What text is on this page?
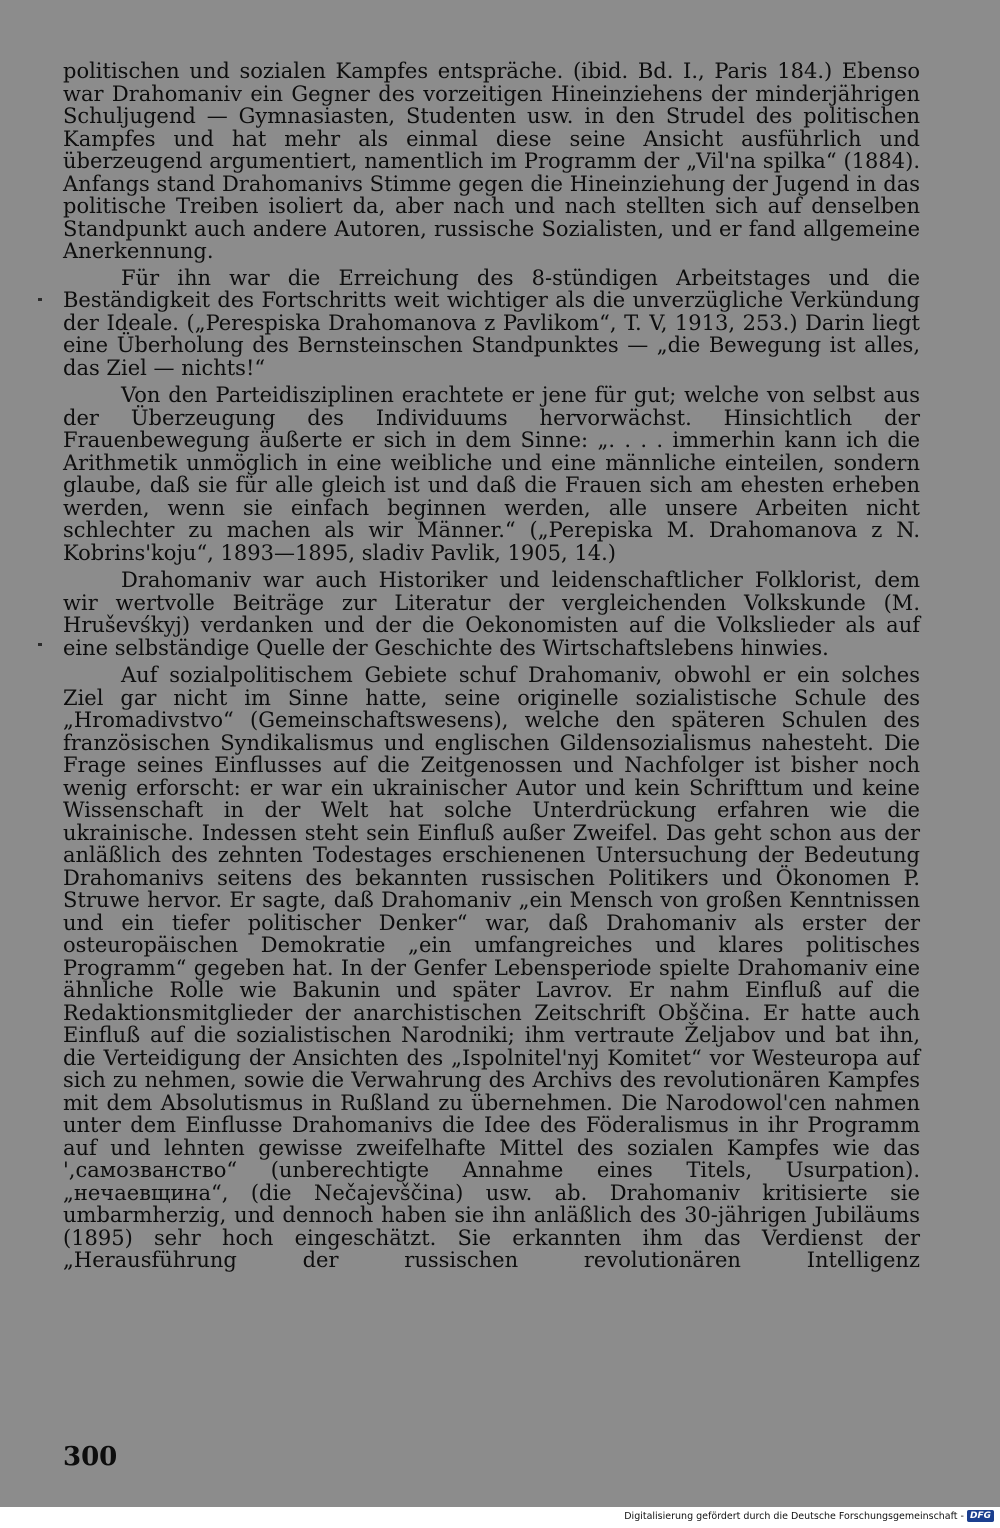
politischen und sozialen Kampfes entspräche. (ibid. Bd. I., Paris 184.) Ebenso war Drahomaniv ein Gegner des vorzeitigen Hineinziehens der minderjährigen Schuljugend — Gymnasiasten, Studenten usw. in den Strudel des politischen Kampfes und hat mehr als einmal diese seine Ansicht ausführlich und überzeugend argumentiert, namentlich im Programm der „Vil'na spilka“ (1884). Anfangs stand Drahomanivs Stimme gegen die Hineinziehung der Jugend in das politische Treiben isoliert da, aber nach und nach stellten sich auf denselben Standpunkt auch andere Autoren, russische Sozialisten, und er fand allgemeine Anerkennung.

Für ihn war die Erreichung des 8-stündigen Arbeitstages und die Beständigkeit des Fortschritts weit wichtiger als die unverzügliche Verkündung der Ideale. („Perespiska Drahomanova z Pavlikom“, T. V, 1913, 253.) Darin liegt eine Überholung des Bernsteinschen Standpunktes — „die Bewegung ist alles, das Ziel — nichts!“

Von den Parteidisziplinen erachtete er jene für gut; welche von selbst aus der Überzeugung des Individuums hervorwächst. Hinsichtlich der Frauenbewegung äußerte er sich in dem Sinne: „. . . . immerhin kann ich die Arithmetik unmöglich in eine weibliche und eine männliche einteilen, sondern glaube, daß sie für alle gleich ist und daß die Frauen sich am ehesten erheben werden, wenn sie einfach beginnen werden, alle unsere Arbeiten nicht schlechter zu machen als wir Männer.“ („Perepiska M. Drahomanova z N. Kobrins'koju“, 1893—1895, sladiv Pavlik, 1905, 14.)

Drahomaniv war auch Historiker und leidenschaftlicher Folklorist, dem wir wertvolle Beiträge zur Literatur der vergleichenden Volkskunde (M. Hruševśkyj) verdanken und der die Oekonomisten auf die Volkslieder als auf eine selbständige Quelle der Geschichte des Wirtschaftslebens hinwies.

Auf sozialpolitischem Gebiete schuf Drahomaniv, obwohl er ein solches Ziel gar nicht im Sinne hatte, seine originelle sozialistische Schule des „Hromadivstvo“ (Gemeinschaftswesens), welche den späteren Schulen des französischen Syndikalismus und englischen Gildensozialismus nahesteht. Die Frage seines Einflusses auf die Zeitgenossen und Nachfolger ist bisher noch wenig erforscht: er war ein ukrainischer Autor und kein Schrifttum und keine Wissenschaft in der Welt hat solche Unterdrückung erfahren wie die ukrainische. Indessen steht sein Einfluß außer Zweifel. Das geht schon aus der anläßlich des zehnten Todestages erschienenen Untersuchung der Bedeutung Drahomanivs seitens des bekannten russischen Politikers und Ökonomen P. Struwe hervor. Er sagte, daß Drahomaniv „ein Mensch von großen Kenntnissen und ein tiefer politischer Denker“ war, daß Drahomaniv als erster der osteuropäischen Demokratie „ein umfangreiches und klares politisches Programm“ gegeben hat. In der Genfer Lebensperiode spielte Drahomaniv eine ähnliche Rolle wie Bakunin und später Lavrov. Er nahm Einfluß auf die Redaktionsmitglieder der anarchistischen Zeitschrift Obščina. Er hatte auch Einfluß auf die sozialistischen Narodniki; ihm vertraute Željabov und bat ihn, die Verteidigung der Ansichten des „Ispolnitel'nyj Komitet“ vor Westeuropa auf sich zu nehmen, sowie die Verwahrung des Archivs des revolutionären Kampfes mit dem Absolutismus in Rußland zu übernehmen. Die Narodowol'cen nahmen unter dem Einflusse Drahomanivs die Idee des Föderalismus in ihr Programm auf und lehnten gewisse zweifelhafte Mittel des sozialen Kampfes wie das ',самозванство“ (unberechtigte Annahme eines Titels, Usurpation). „нечаевщина“, (die Nečajevščina) usw. ab. Drahomaniv kritisierte sie umbarmherzig, und dennoch haben sie ihn anläßlich des 30-jährigen Jubiläums (1895) sehr hoch eingeschätzt. Sie erkannten ihm das Verdienst der „Herausführung der russischen revolutionären Intelligenz

300
Digitalisierung gefördert durch die Deutsche Forschungsgemeinschaft - DFG
